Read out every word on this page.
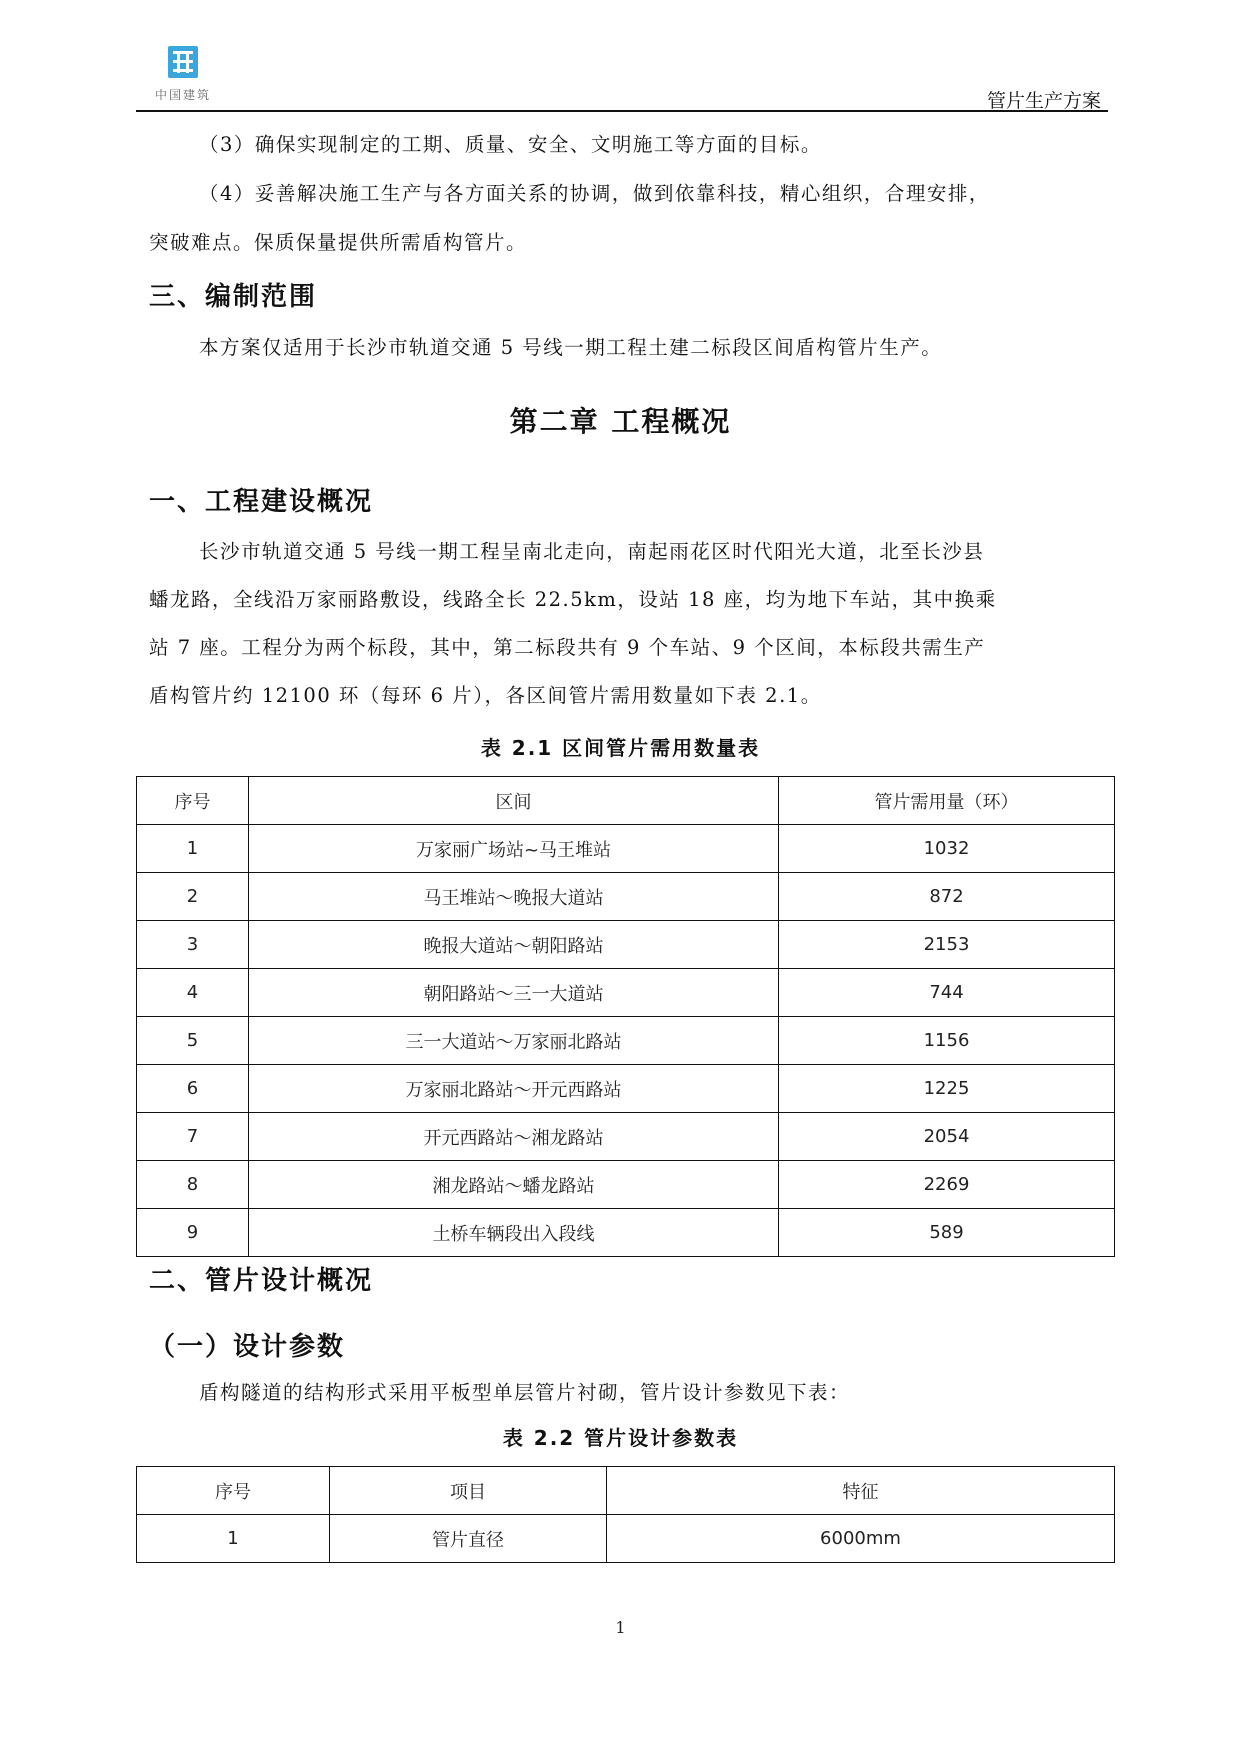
中国建筑	管片生产方案
（3）确保实现制定的工期、质量、安全、文明施工等方面的目标。
（4）妥善解决施工生产与各方面关系的协调，做到依靠科技，精心组织，合理安排，
突破难点。保质保量提供所需盾构管片。
三、编制范围
本方案仅适用于长沙市轨道交通 5 号线一期工程土建二标段区间盾构管片生产。
第二章 工程概况
一、工程建设概况
长沙市轨道交通 5 号线一期工程呈南北走向，南起雨花区时代阳光大道，北至长沙县
蟠龙路，全线沿万家丽路敷设，线路全长 22.5km，设站 18 座，均为地下车站，其中换乘
站 7 座。工程分为两个标段，其中，第二标段共有 9 个车站、9 个区间，本标段共需生产
盾构管片约 12100 环（每环 6 片），各区间管片需用数量如下表 2.1。
表 2.1 区间管片需用数量表
序号	区间	管片需用量（环）
1	万家丽广场站~马王堆站	1032
2	马王堆站～晚报大道站	872
3	晚报大道站～朝阳路站	2153
4	朝阳路站～三一大道站	744
5	三一大道站～万家丽北路站	1156
6	万家丽北路站～开元西路站	1225
7	开元西路站～湘龙路站	2054
8	湘龙路站～蟠龙路站	2269
9	土桥车辆段出入段线	589
二、管片设计概况
（一）设计参数
盾构隧道的结构形式采用平板型单层管片衬砌，管片设计参数见下表：
表 2.2 管片设计参数表
序号	项目	特征
1	管片直径	6000mm
1
